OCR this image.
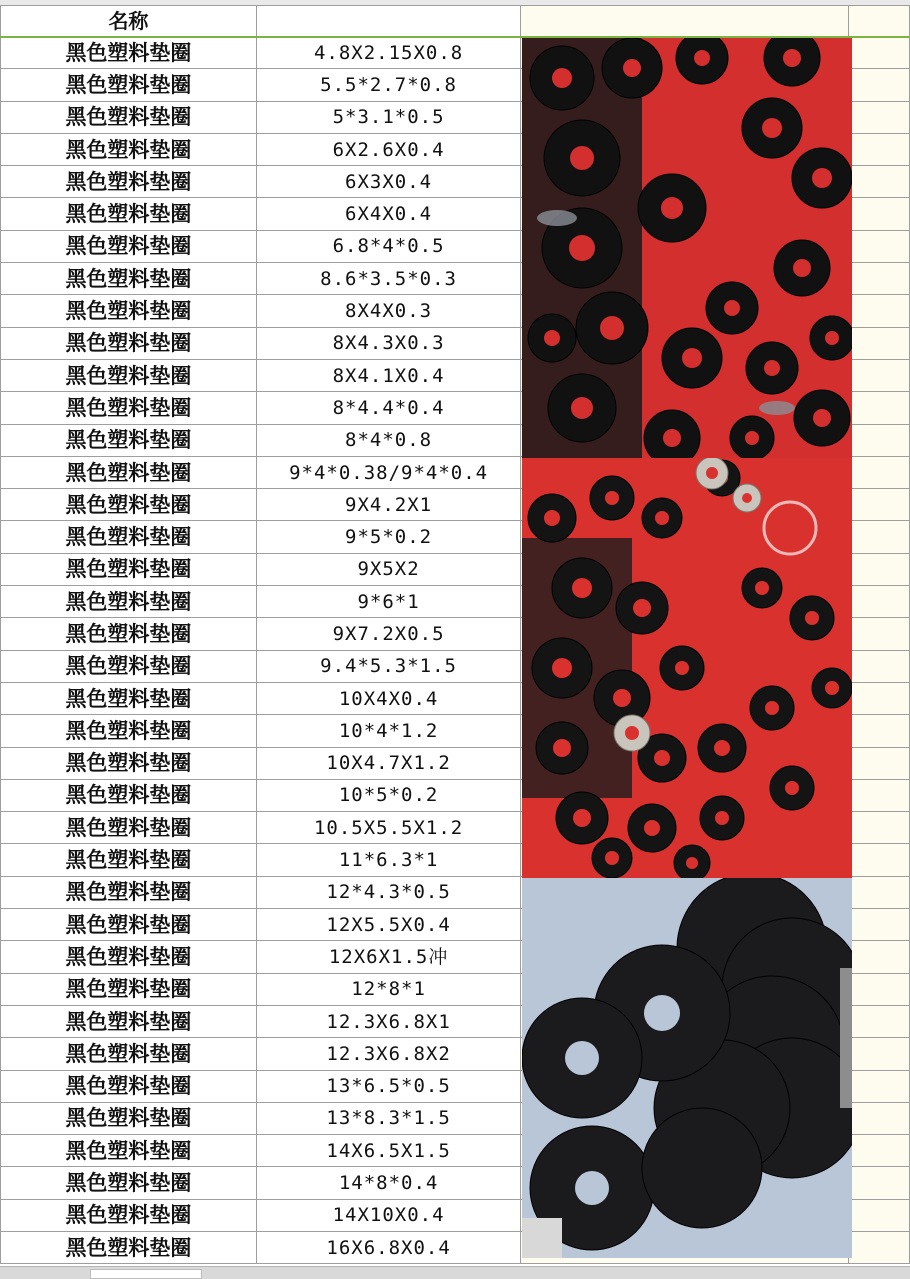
名称			
黑色塑料垫圈	4.8X2.15X0.8		
黑色塑料垫圈	5.5*2.7*0.8		
黑色塑料垫圈	5*3.1*0.5		
黑色塑料垫圈	6X2.6X0.4		
黑色塑料垫圈	6X3X0.4		
黑色塑料垫圈	6X4X0.4		
黑色塑料垫圈	6.8*4*0.5		
黑色塑料垫圈	8.6*3.5*0.3		
黑色塑料垫圈	8X4X0.3		
黑色塑料垫圈	8X4.3X0.3		
黑色塑料垫圈	8X4.1X0.4		
黑色塑料垫圈	8*4.4*0.4		
黑色塑料垫圈	8*4*0.8		
黑色塑料垫圈	9*4*0.38/9*4*0.4		
黑色塑料垫圈	9X4.2X1		
黑色塑料垫圈	9*5*0.2		
黑色塑料垫圈	9X5X2		
黑色塑料垫圈	9*6*1		
黑色塑料垫圈	9X7.2X0.5		
黑色塑料垫圈	9.4*5.3*1.5		
黑色塑料垫圈	10X4X0.4		
黑色塑料垫圈	10*4*1.2		
黑色塑料垫圈	10X4.7X1.2		
黑色塑料垫圈	10*5*0.2		
黑色塑料垫圈	10.5X5.5X1.2		
黑色塑料垫圈	11*6.3*1		
黑色塑料垫圈	12*4.3*0.5		
黑色塑料垫圈	12X5.5X0.4		
黑色塑料垫圈	12X6X1.5冲		
黑色塑料垫圈	12*8*1		
黑色塑料垫圈	12.3X6.8X1		
黑色塑料垫圈	12.3X6.8X2		
黑色塑料垫圈	13*6.5*0.5		
黑色塑料垫圈	13*8.3*1.5		
黑色塑料垫圈	14X6.5X1.5		
黑色塑料垫圈	14*8*0.4		
黑色塑料垫圈	14X10X0.4		
黑色塑料垫圈	16X6.8X0.4		
